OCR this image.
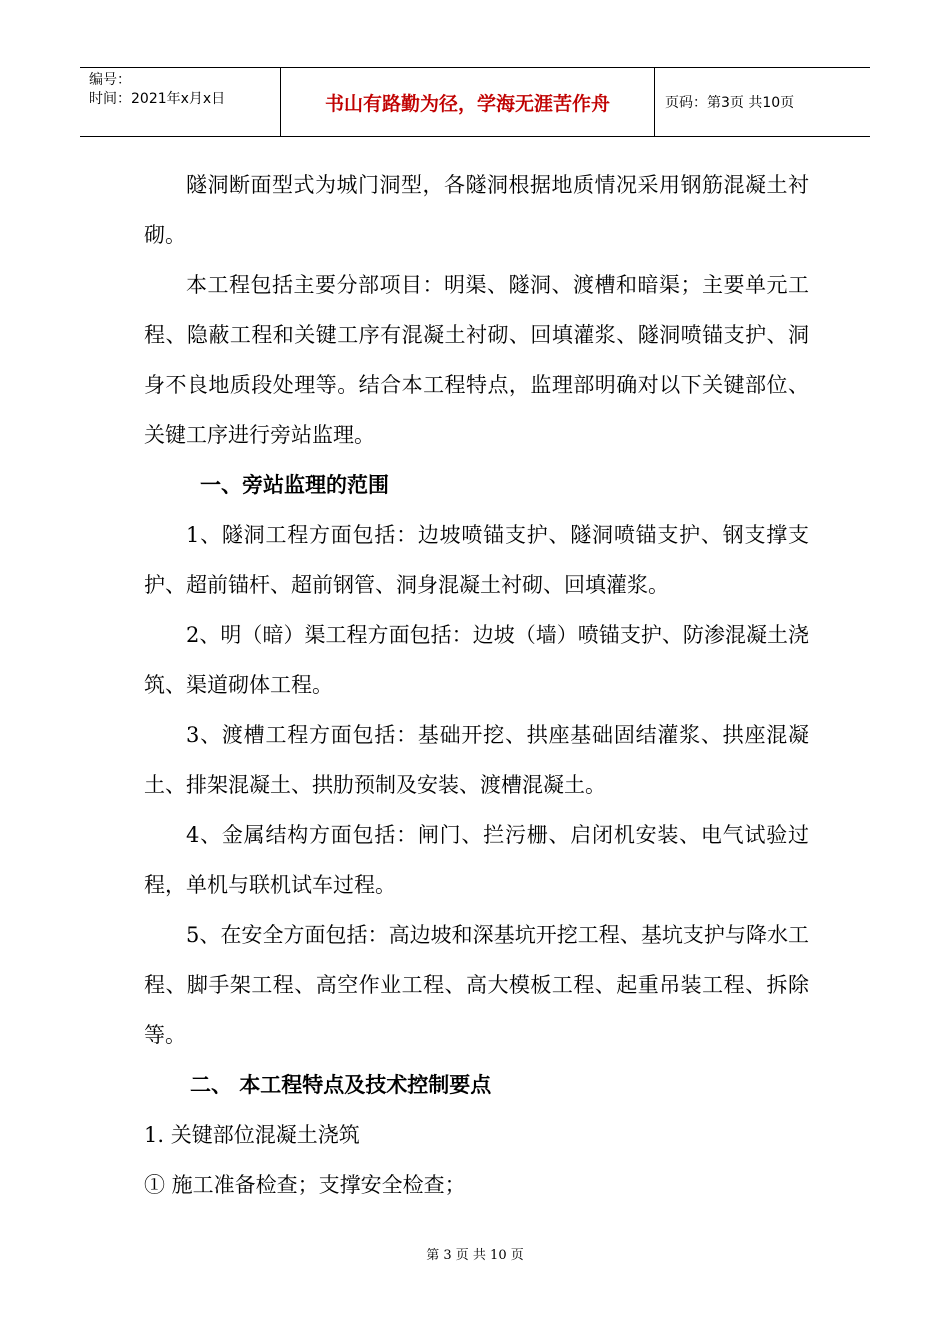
编号：
时间：2021年x月x日	书山有路勤为径，学海无涯苦作舟	页码：第3页 共10页

隧洞断面型式为城门洞型，各隧洞根据地质情况采用钢筋混凝土衬砌。

本工程包括主要分部项目：明渠、隧洞、渡槽和暗渠；主要单元工程、隐蔽工程和关键工序有混凝土衬砌、回填灌浆、隧洞喷锚支护、洞身不良地质段处理等。结合本工程特点，监理部明确对以下关键部位、关键工序进行旁站监理。

一、旁站监理的范围

1、隧洞工程方面包括：边坡喷锚支护、隧洞喷锚支护、钢支撑支护、超前锚杆、超前钢管、洞身混凝土衬砌、回填灌浆。

2、明（暗）渠工程方面包括：边坡（墙）喷锚支护、防渗混凝土浇筑、渠道砌体工程。

3、渡槽工程方面包括：基础开挖、拱座基础固结灌浆、拱座混凝土、排架混凝土、拱肋预制及安装、渡槽混凝土。

4、金属结构方面包括：闸门、拦污栅、启闭机安装、电气试验过程，单机与联机试车过程。

5、在安全方面包括：高边坡和深基坑开挖工程、基坑支护与降水工程、脚手架工程、高空作业工程、高大模板工程、起重吊装工程、拆除等。

二、 本工程特点及技术控制要点

1. 关键部位混凝土浇筑

① 施工准备检查；支撑安全检查；

第 3 页 共 10 页
